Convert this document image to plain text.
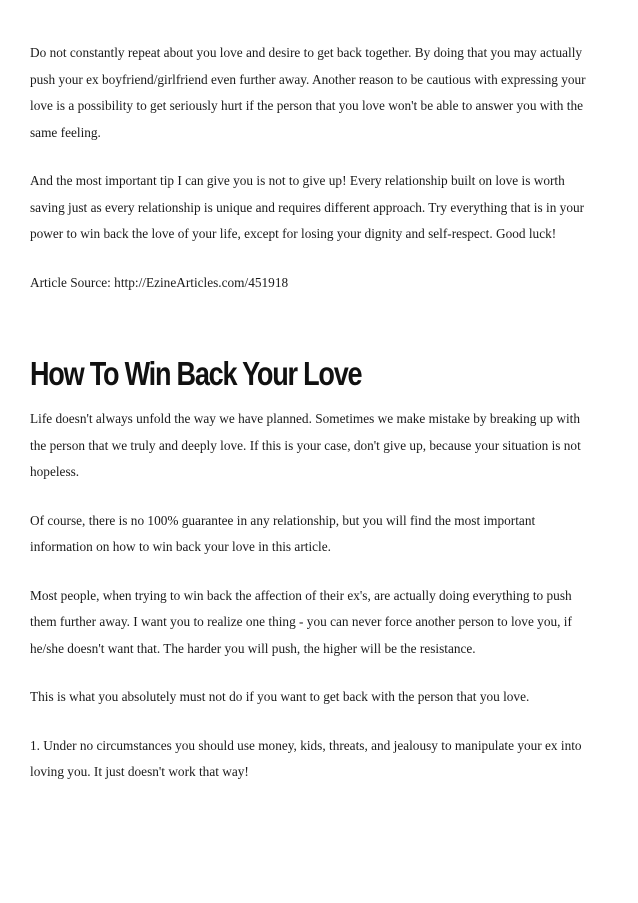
Do not constantly repeat about you love and desire to get back together. By doing that you may actually push your ex boyfriend/girlfriend even further away. Another reason to be cautious with expressing your love is a possibility to get seriously hurt if the person that you love won't be able to answer you with the same feeling.

And the most important tip I can give you is not to give up! Every relationship built on love is worth saving just as every relationship is unique and requires different approach. Try everything that is in your power to win back the love of your life, except for losing your dignity and self-respect. Good luck!

Article Source: http://EzineArticles.com/451918

How To Win Back Your Love

Life doesn't always unfold the way we have planned. Sometimes we make mistake by breaking up with the person that we truly and deeply love. If this is your case, don't give up, because your situation is not hopeless.

Of course, there is no 100% guarantee in any relationship, but you will find the most important information on how to win back your love in this article.

Most people, when trying to win back the affection of their ex's, are actually doing everything to push them further away. I want you to realize one thing - you can never force another person to love you, if he/she doesn't want that. The harder you will push, the higher will be the resistance.

This is what you absolutely must not do if you want to get back with the person that you love.

1. Under no circumstances you should use money, kids, threats, and jealousy to manipulate your ex into loving you. It just doesn't work that way!
